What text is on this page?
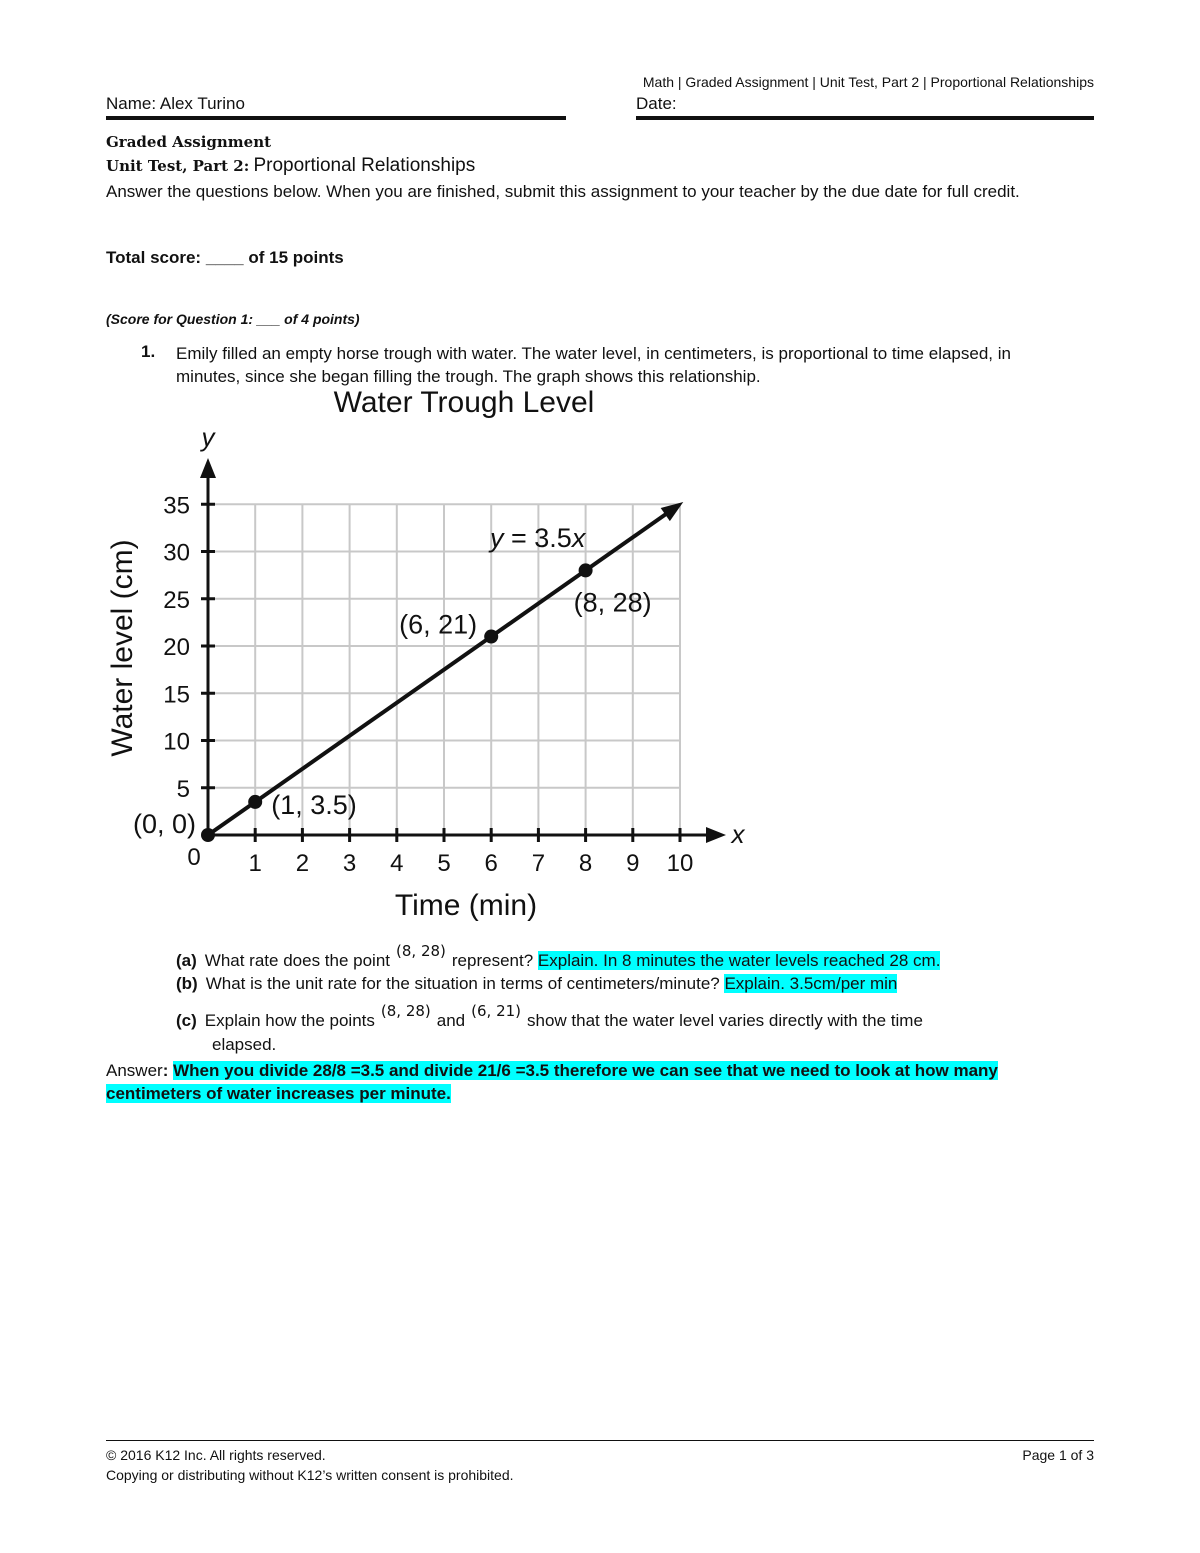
Math | Graded Assignment | Unit Test, Part 2 | Proportional Relationships
Name: Alex Turino	Date:
Graded Assignment
Unit Test, Part 2: Proportional Relationships
Answer the questions below. When you are finished, submit this assignment to your teacher by the due date for full credit.
Total score: ____ of 15 points
(Score for Question 1: ___ of 4 points)
1. Emily filled an empty horse trough with water. The water level, in centimeters, is proportional to time elapsed, in minutes, since she began filling the trough. The graph shows this relationship.
1 2 3 4 5 6 7 8 9 10
5
10
15
20
25
30
35
(0, 0)
(1, 3.5)
(6, 21)
(8, 28)
Water Trough Level
y
x
0
Time (min)
Water level (cm)
y = 3.5x
(a) What rate does the point (8, 28) represent? Explain. In 8 minutes the water levels reached 28 cm.
(b) What is the unit rate for the situation in terms of centimeters/minute? Explain. 3.5cm/per min
(c) Explain how the points (8, 28) and (6, 21) show that the water level varies directly with the time
elapsed.
Answer: When you divide 28/8 =3.5 and divide 21/6 =3.5 therefore we can see that we need to look at how many centimeters of water increases per minute.
© 2016 K12 Inc. All rights reserved.
Copying or distributing without K12’s written consent is prohibited.
Page 1 of 3
